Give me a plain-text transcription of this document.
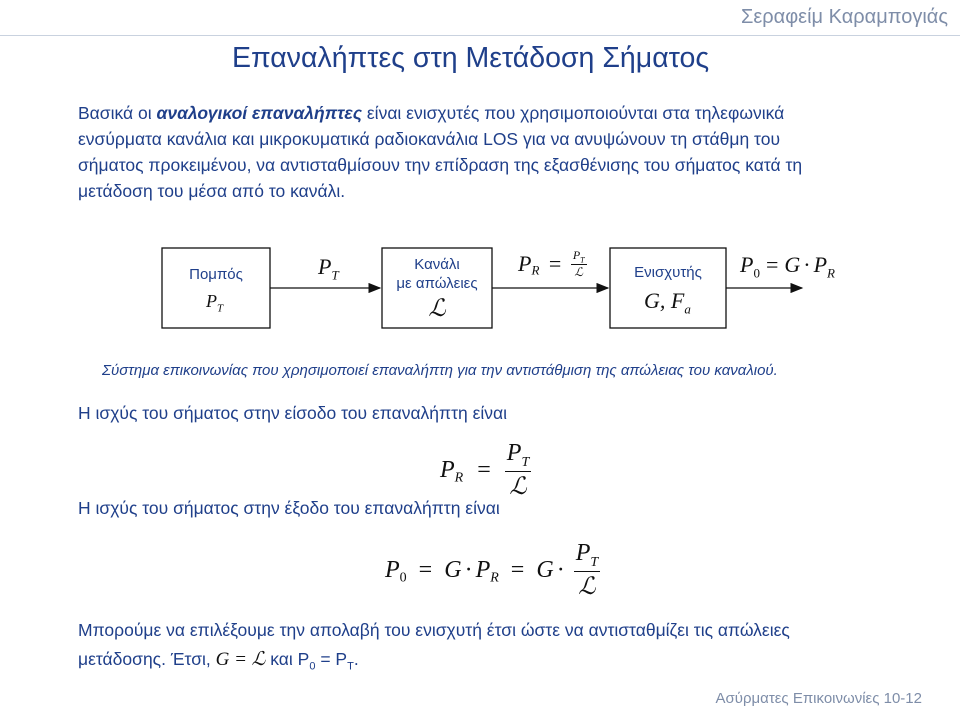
Σεραφείμ Καραμπογιάς
Επαναλήπτες στη Μετάδοση Σήματος
Βασικά οι αναλογικοί επαναλήπτες είναι ενισχυτές που χρησιμοποιούνται στα τηλεφωνικά
ενσύρματα κανάλια και μικροκυματικά ραδιοκανάλια LOS για να ανυψώνουν τη στάθμη του
σήματος προκειμένου, να αντισταθμίσουν την επίδραση της εξασθένισης του σήματος κατά τη
μετάδοση του μέσα από το κανάλι.
Πομπός
$P_T$
$P_T$
Κανάλι
με απώλειες
ℒ
$P_R = \frac{P_T}{\text{ℒ}}$	Ενισχυτής
G, $F_a$
$P_0 = G \cdot P_R$
Σύστημα επικοινωνίας που χρησιμοποιεί επαναλήπτη για την αντιστάθμιση της απώλειας του καναλιού.
Η ισχύς του σήματος στην είσοδο του επαναλήπτη είναι
$P_R = \frac{P_T}{\text{ℒ}}$
Η ισχύς του σήματος στην έξοδο του επαναλήπτη είναι
$P_0 = G \cdot P_R = G \cdot \frac{P_T}{\text{ℒ}}$
Μπορούμε να επιλέξουμε την απολαβή του ενισχυτή έτσι ώστε να αντισταθμίζει τις απώλειες
μετάδοσης. Έτσι, G = ℒ και $P_0 = P_T$.
Ασύρματες Επικοινωνίες 10-12
